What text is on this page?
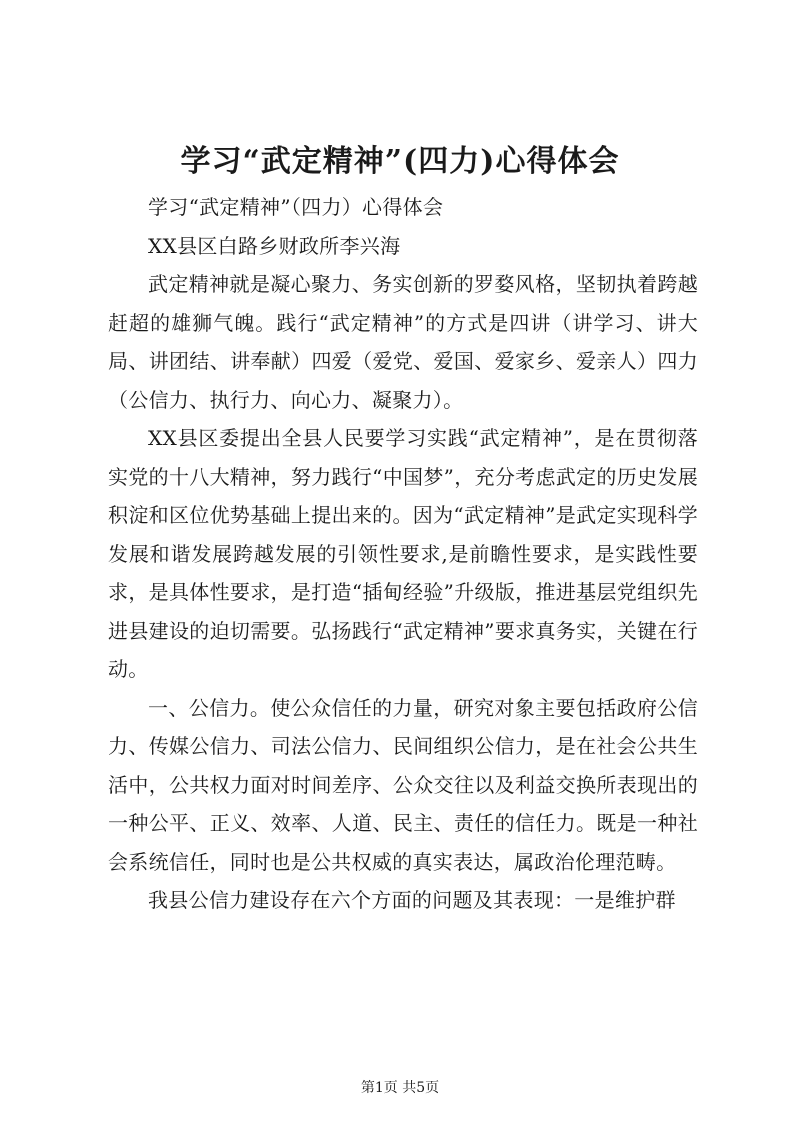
学习“武定精神”(四力)心得体会

学习“武定精神”（四力）心得体会

XX县区白路乡财政所李兴海

武定精神就是凝心聚力、务实创新的罗婺风格，坚韧执着跨越赶超的雄狮气魄。践行“武定精神”的方式是四讲（讲学习、讲大局、讲团结、讲奉献）四爱（爱党、爱国、爱家乡、爱亲人）四力（公信力、执行力、向心力、凝聚力）。

XX县区委提出全县人民要学习实践“武定精神”，是在贯彻落实党的十八大精神，努力践行“中国梦”，充分考虑武定的历史发展积淀和区位优势基础上提出来的。因为“武定精神”是武定实现科学发展和谐发展跨越发展的引领性要求,是前瞻性要求，是实践性要求，是具体性要求，是打造“插甸经验”升级版，推进基层党组织先进县建设的迫切需要。弘扬践行“武定精神”要求真务实，关键在行动。

一、公信力。使公众信任的力量，研究对象主要包括政府公信力、传媒公信力、司法公信力、民间组织公信力，是在社会公共生活中，公共权力面对时间差序、公众交往以及利益交换所表现出的一种公平、正义、效率、人道、民主、责任的信任力。既是一种社会系统信任，同时也是公共权威的真实表达，属政治伦理范畴。

我县公信力建设存在六个方面的问题及其表现：一是维护群

第1页 共5页
